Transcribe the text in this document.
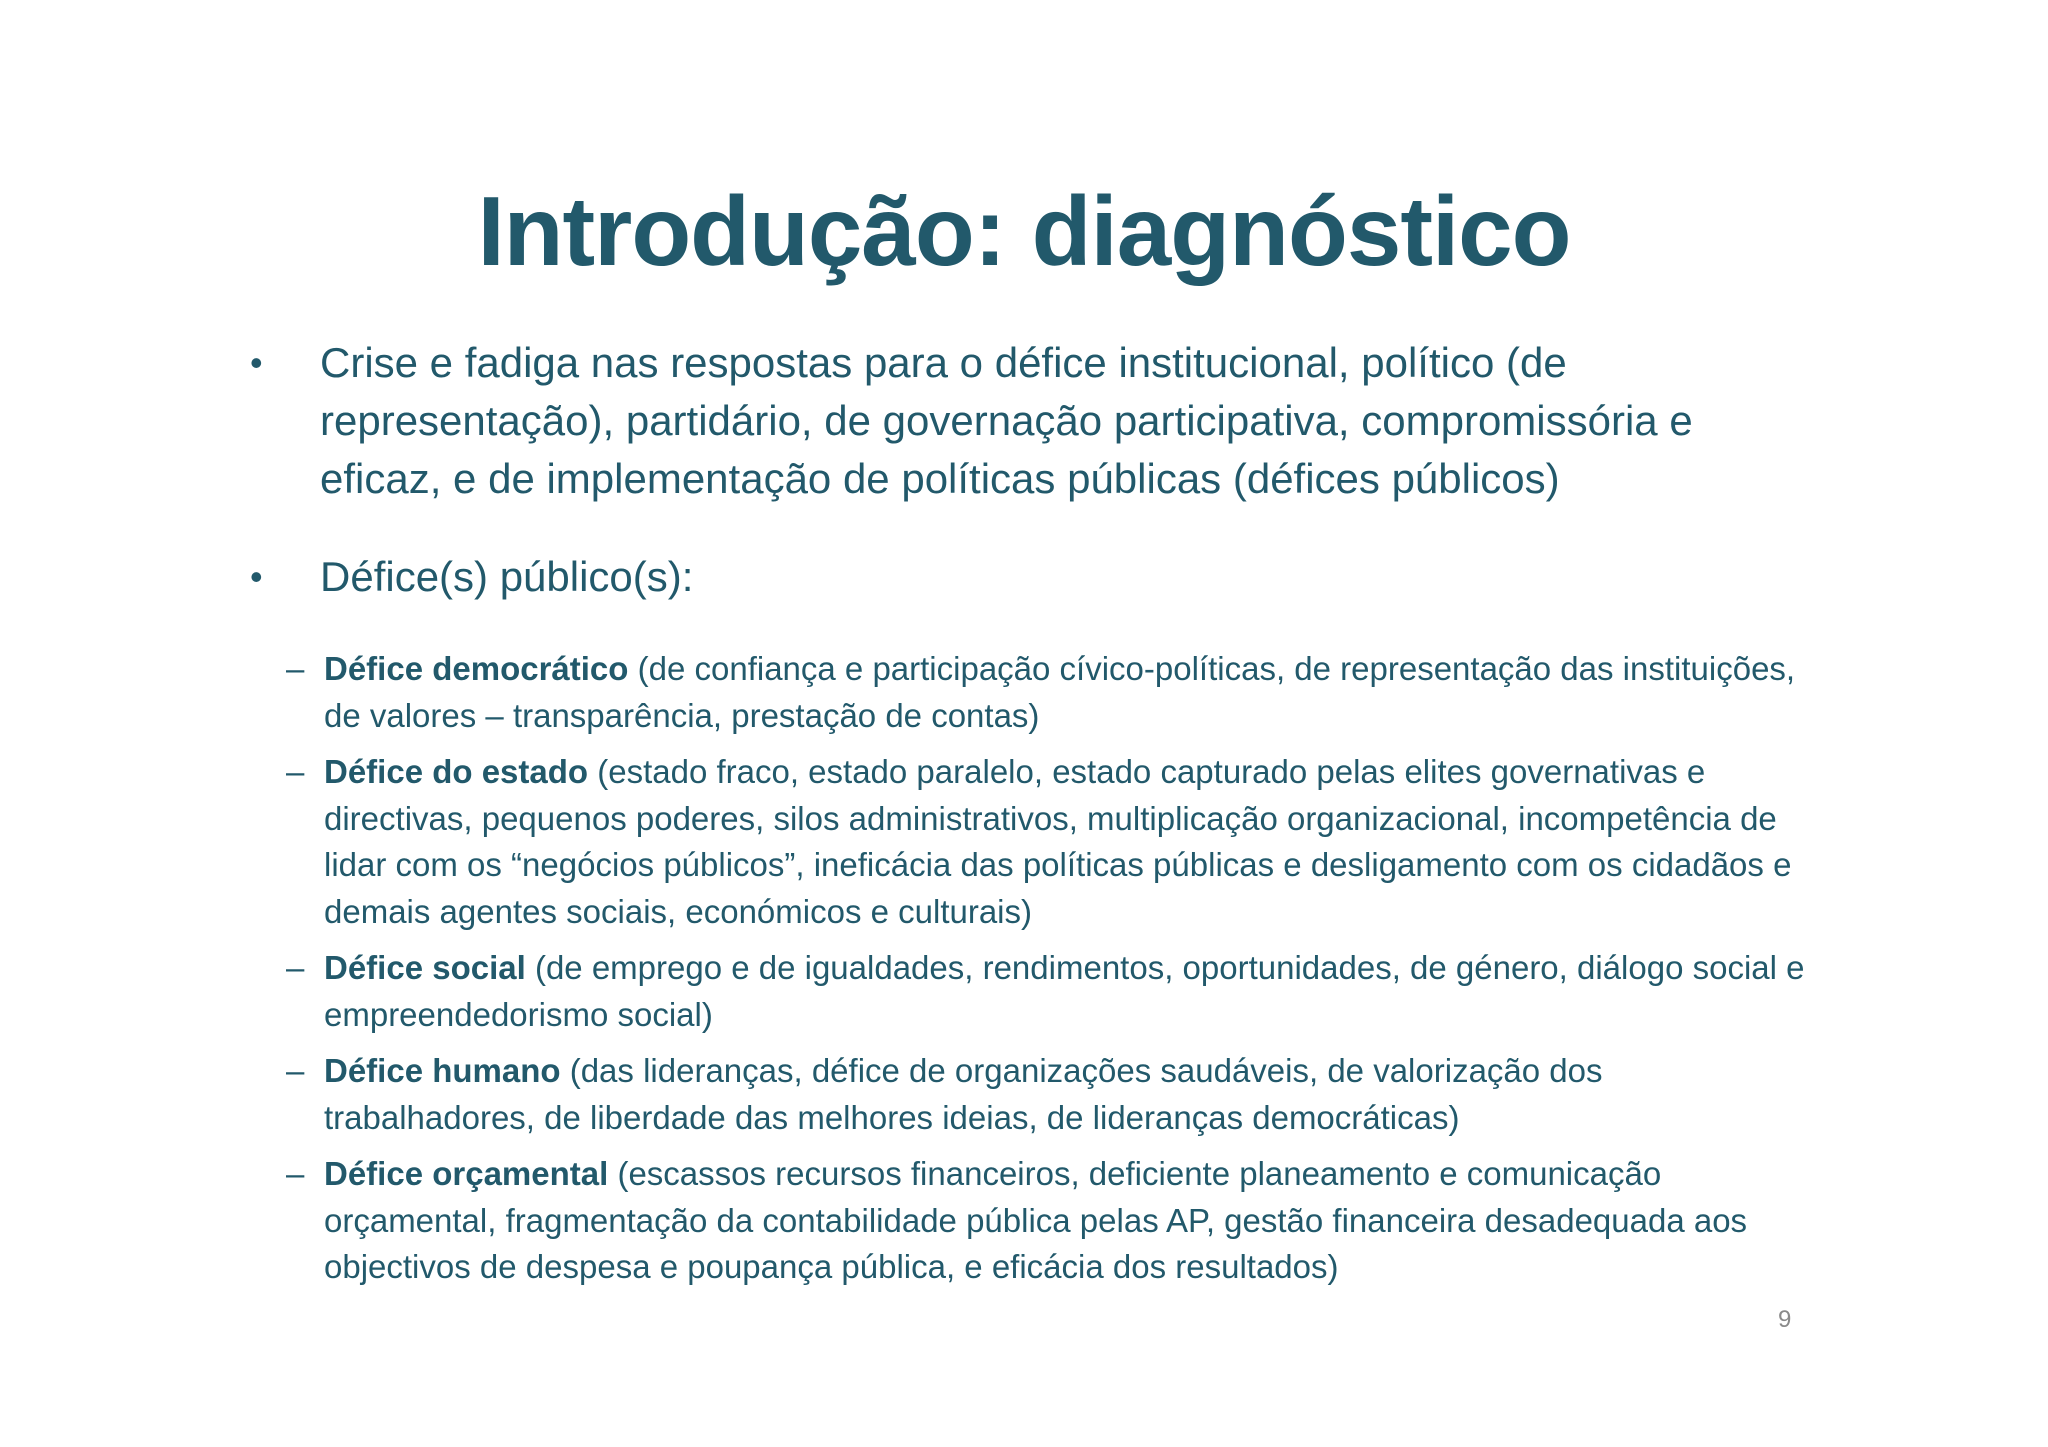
Introdução: diagnóstico
• Crise e fadiga nas respostas para o défice institucional, político (de representação), partidário, de governação participativa, compromissória e eficaz, e de implementação de políticas públicas (défices públicos)
• Défice(s) público(s):
– Défice democrático (de confiança e participação cívico-políticas, de representação das instituições, de valores – transparência, prestação de contas)
– Défice do estado (estado fraco, estado paralelo, estado capturado pelas elites governativas e directivas, pequenos poderes, silos administrativos, multiplicação organizacional, incompetência de lidar com os “negócios públicos”, ineficácia das políticas públicas e desligamento com os cidadãos e demais agentes sociais, económicos e culturais)
– Défice social (de emprego e de igualdades, rendimentos, oportunidades, de género, diálogo social e empreendedorismo social)
– Défice humano (das lideranças, défice de organizações saudáveis, de valorização dos trabalhadores, de liberdade das melhores ideias, de lideranças democráticas)
– Défice orçamental (escassos recursos financeiros, deficiente planeamento e comunicação orçamental, fragmentação da contabilidade pública pelas AP, gestão financeira desadequada aos objectivos de despesa e poupança pública, e eficácia dos resultados)
9
